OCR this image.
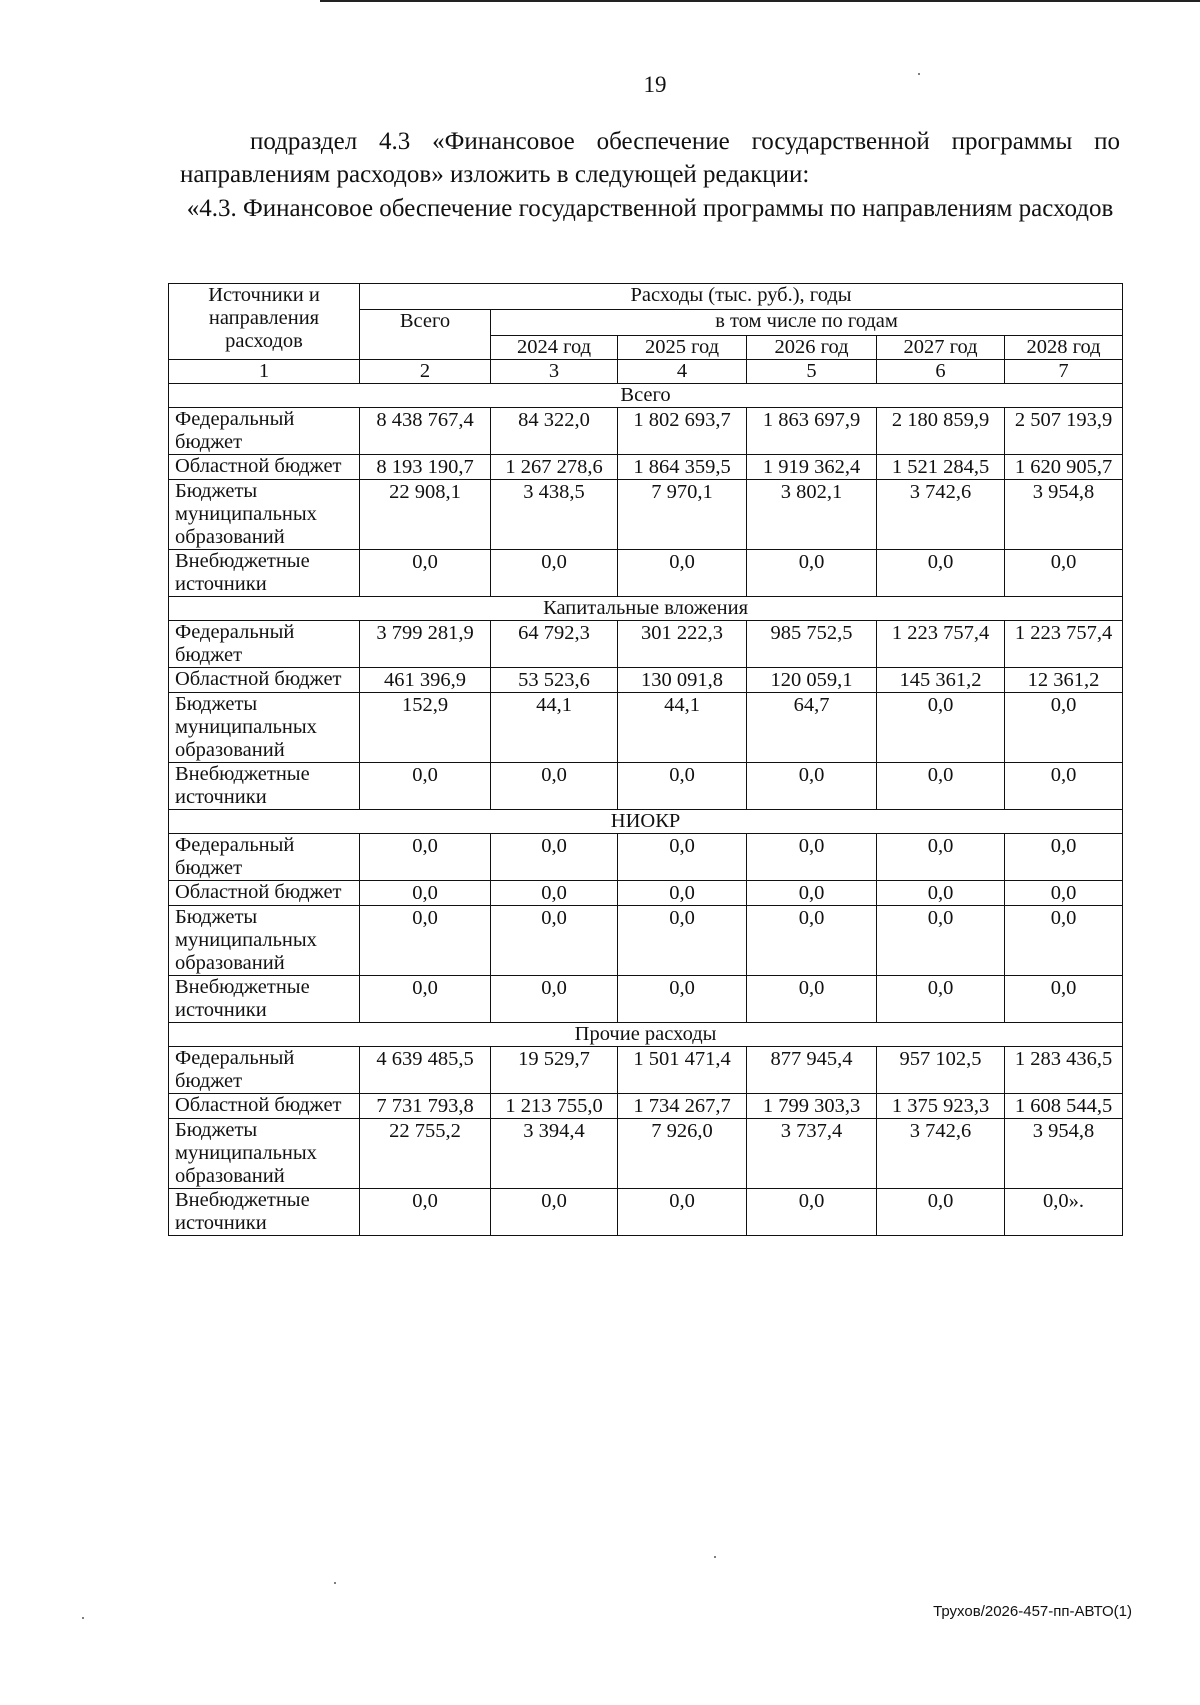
19
подраздел 4.3 «Финансовое обеспечение государственной программы по направлениям расходов» изложить в следующей редакции:
«4.3. Финансовое обеспечение государственной программы по направлениям расходов
Источники и направления расходов	Расходы (тыс. руб.), годы					
	Всего	в том числе по годам				
		2024 год	2025 год	2026 год	2027 год	2028 год
1	2	3	4	5	6	7
Всего						
Федеральный бюджет	8 438 767,4	84 322,0	1 802 693,7	1 863 697,9	2 180 859,9	2 507 193,9
Областной бюджет	8 193 190,7	1 267 278,6	1 864 359,5	1 919 362,4	1 521 284,5	1 620 905,7
Бюджеты муниципальных образований	22 908,1	3 438,5	7 970,1	3 802,1	3 742,6	3 954,8
Внебюджетные источники	0,0	0,0	0,0	0,0	0,0	0,0
Капитальные вложения						
Федеральный бюджет	3 799 281,9	64 792,3	301 222,3	985 752,5	1 223 757,4	1 223 757,4
Областной бюджет	461 396,9	53 523,6	130 091,8	120 059,1	145 361,2	12 361,2
Бюджеты муниципальных образований	152,9	44,1	44,1	64,7	0,0	0,0
Внебюджетные источники	0,0	0,0	0,0	0,0	0,0	0,0
НИОКР						
Федеральный бюджет	0,0	0,0	0,0	0,0	0,0	0,0
Областной бюджет	0,0	0,0	0,0	0,0	0,0	0,0
Бюджеты муниципальных образований	0,0	0,0	0,0	0,0	0,0	0,0
Внебюджетные источники	0,0	0,0	0,0	0,0	0,0	0,0
Прочие расходы						
Федеральный бюджет	4 639 485,5	19 529,7	1 501 471,4	877 945,4	957 102,5	1 283 436,5
Областной бюджет	7 731 793,8	1 213 755,0	1 734 267,7	1 799 303,3	1 375 923,3	1 608 544,5
Бюджеты муниципальных образований	22 755,2	3 394,4	7 926,0	3 737,4	3 742,6	3 954,8
Внебюджетные источники	0,0	0,0	0,0	0,0	0,0	0,0».
Трухов/2026-457-пп-АВТО(1)
